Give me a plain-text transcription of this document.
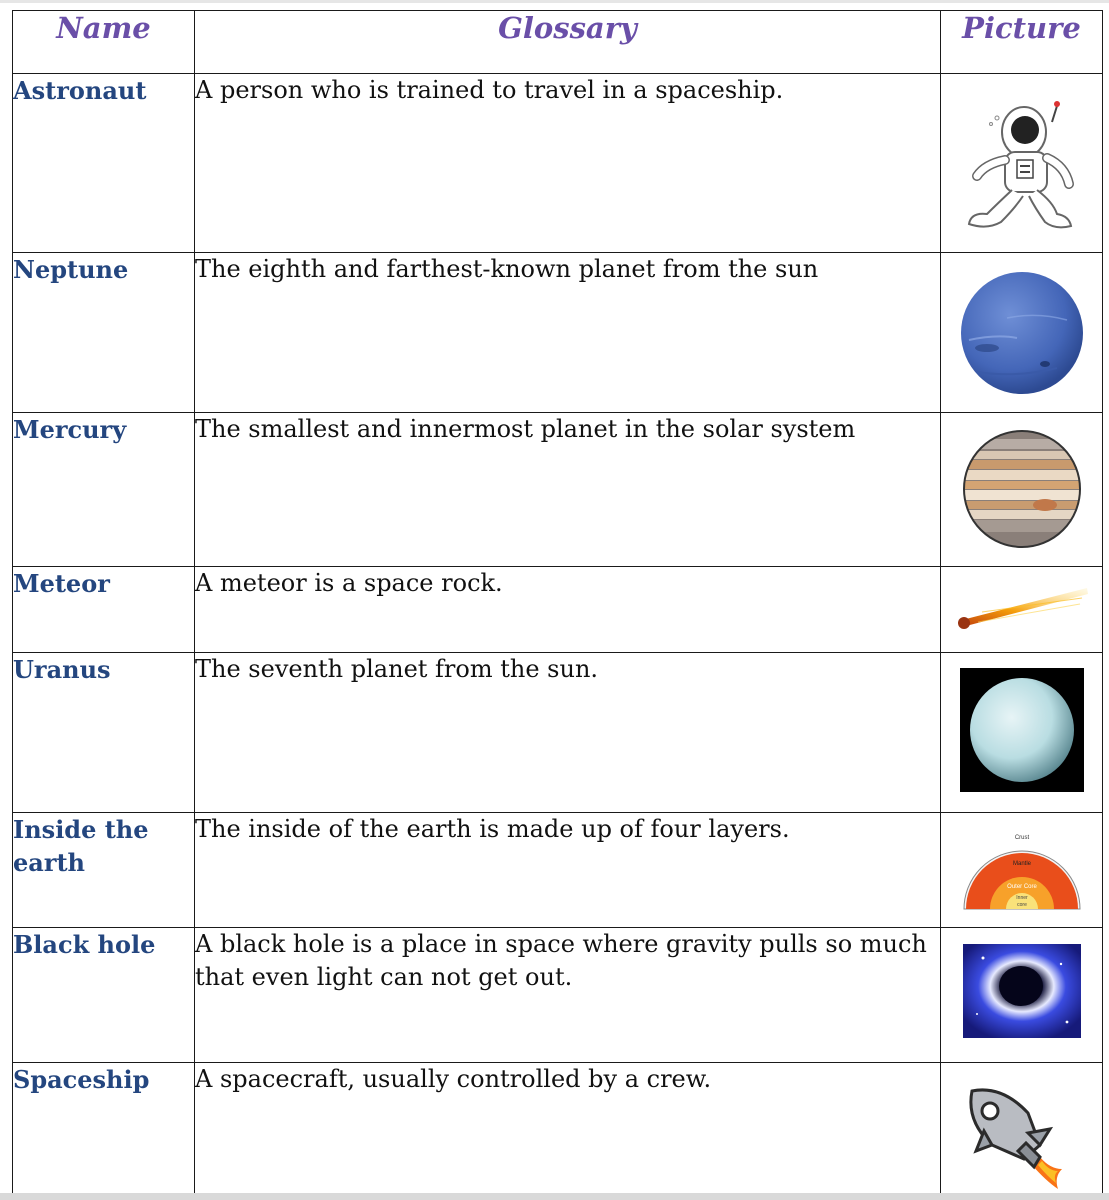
Name	Glossary	Picture
Astronaut	A person who is trained to travel in a spaceship.	

Neptune	The eighth and farthest-known planet from the sun	

Mercury	The smallest and innermost planet in the solar system	

Meteor	A meteor is a space rock.	

Uranus	The seventh planet from the sun.	

Inside the earth	The inside of the earth is made up of four layers.	Crust
Mantle
Outer Core
Inner
core

Black hole	A black hole is a place in space where gravity pulls so much that even light can not get out.	

Spaceship	A spacecraft, usually controlled by a crew.	
